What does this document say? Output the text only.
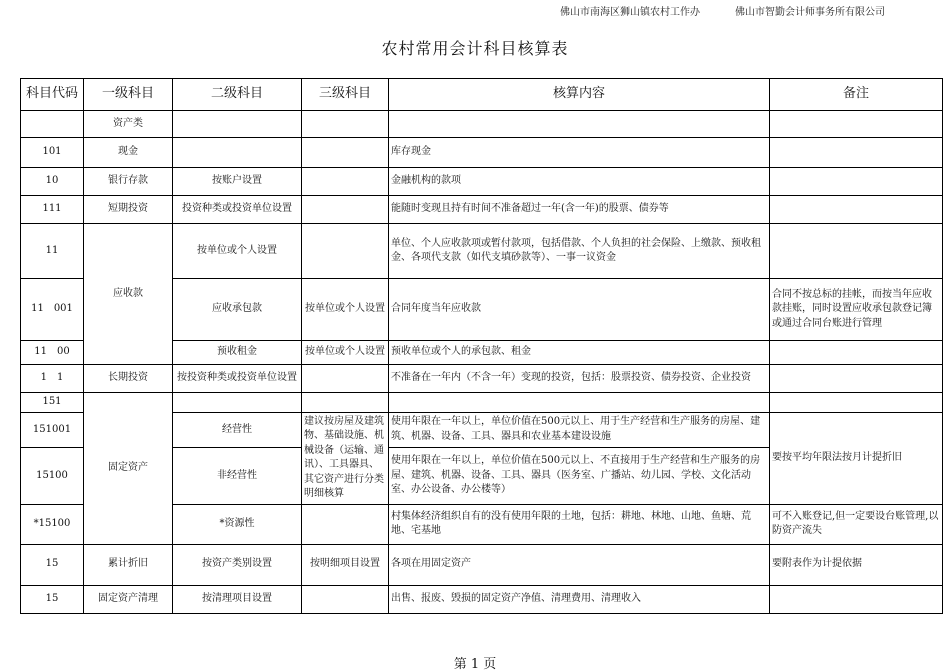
佛山市南海区狮山镇农村工作办	佛山市智勤会计师事务所有限公司
农村常用会计科目核算表
科目代码	一级科目	二级科目	三级科目	核算内容	备注
	资产类				
101	现金			库存现金	
10	银行存款	按账户设置		金融机构的款项	
111	短期投资	投资种类或投资单位设置		能随时变现且持有时间不准备超过一年(含一年)的股票、债券等	
11	应收款	按单位或个人设置		单位、个人应收款项或暂付款项，包括借款、个人负担的社会保险、上缴款、预收租金、各项代支款（如代支填砂款等）、一事一议资金	
11　001		应收承包款	按单位或个人设置	合同年度当年应收款	合同不按总标的挂帐，而按当年应收款挂账，同时设置应收承包款登记簿或通过合同台账进行管理
11　00		预收租金	按单位或个人设置	预收单位或个人的承包款、租金	
1　1	长期投资	按投资种类或投资单位设置		不准备在一年内（不含一年）变现的投资，包括：股票投资、债券投资、企业投资	
151	固定资产				
151001		经营性	建议按房屋及建筑物、基础设施、机械设备（运输、通讯）、工具器具、其它资产进行分类明细核算	使用年限在一年以上，单位价值在500元以上、用于生产经营和生产服务的房屋、建筑、机器、设备、工具、器具和农业基本建设设施	要按平均年限法按月计提折旧
15100		非经营性		使用年限在一年以上，单位价值在500元以上、不直接用于生产经营和生产服务的房屋、建筑、机器、设备、工具、器具（医务室、广播站、幼儿园、学校、文化活动室、办公设备、办公楼等）	
*15100		*资源性		村集体经济组织自有的没有使用年限的土地，包括：耕地、林地、山地、鱼塘、荒地、宅基地	可不入账登记,但一定要设台账管理,以防资产流失
15	累计折旧	按资产类别设置	按明细项目设置	各项在用固定资产	要附表作为计提依据
15	固定资产清理	按清理项目设置		出售、报废、毁损的固定资产净值、清理费用、清理收入	
第 1 页
